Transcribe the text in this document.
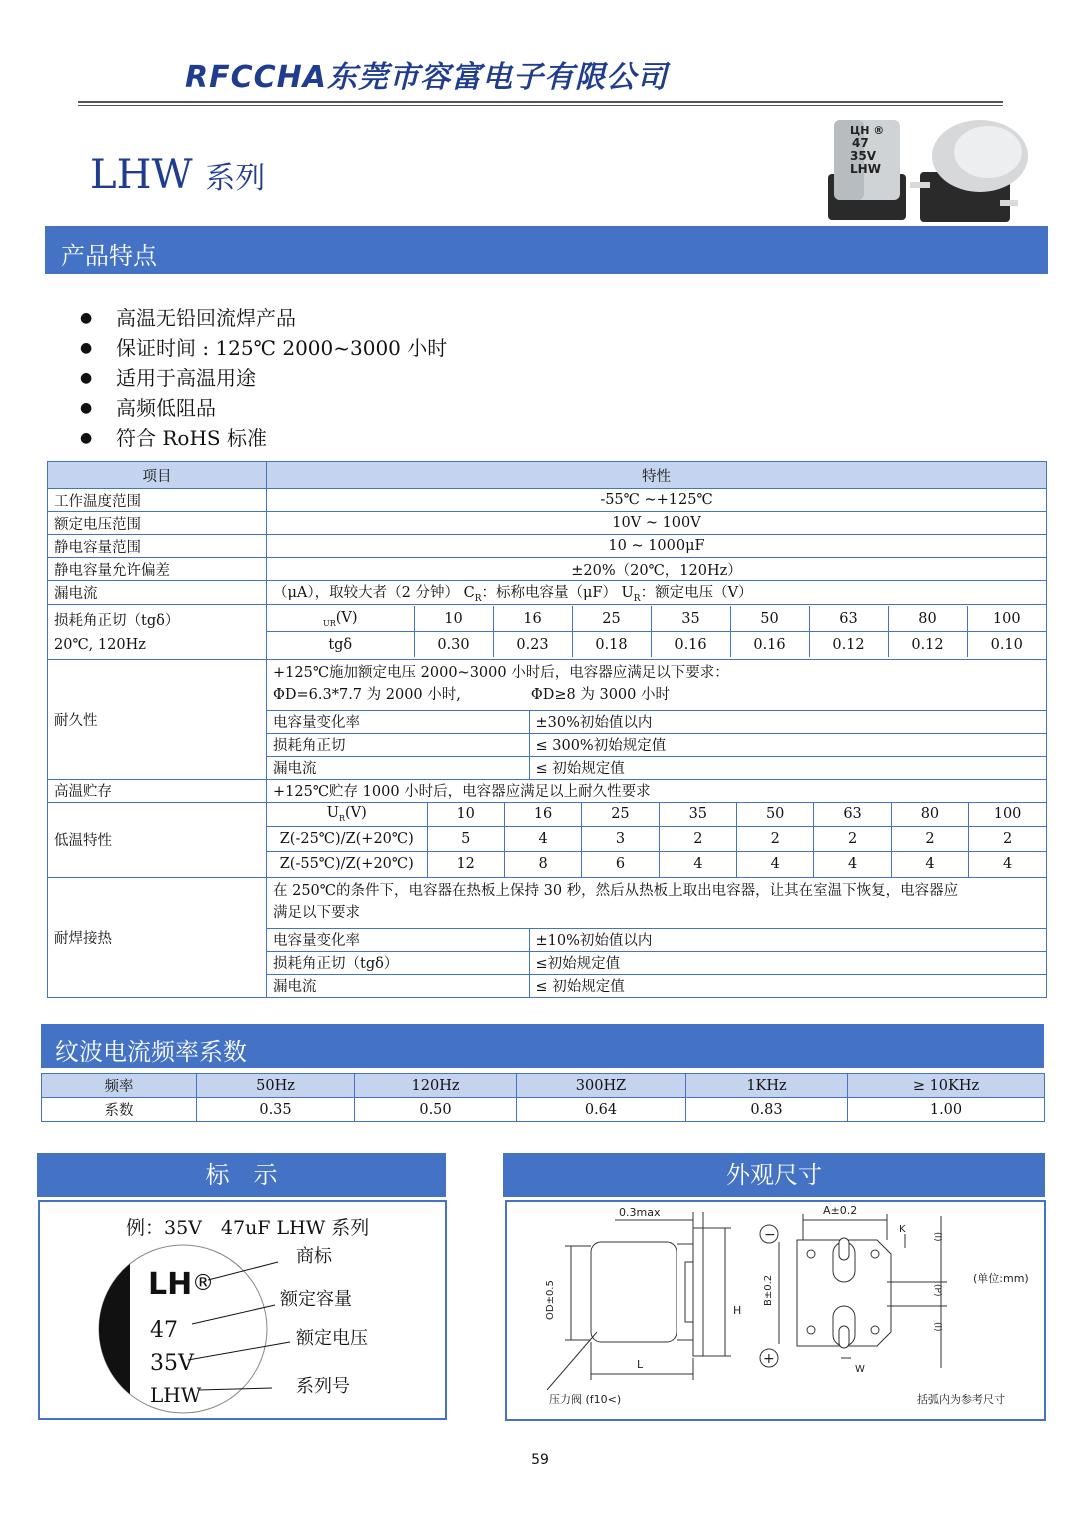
RFCCHA东莞市容富电子有限公司
LHW 系列
ЦH ®
47
35V
LHW
产品特点
● 高温无铅回流焊产品
● 保证时间 : 125℃ 2000~3000 小时
● 适用于高温用途
● 高频低阻品
● 符合 RoHS 标准
项目	特性
工作温度范围	-55℃ ~+125℃
额定电压范围	10V ~ 100V
静电容量范围	10 ~ 1000μF
静电容量允许偏差	±20%（20℃，120Hz）
漏电流	（μA），取较大者（2 分钟） $C_R$：标称电容量（μF） $U_R$：额定电压（V）

损耗角正切（tgδ）
20℃, 120Hz

$_{UR}$(V)	10	16	25	35	50	63	80	100
tgδ	0.30	0.23	0.18	0.16	0.16	0.12	0.12	0.10

耐久性	
+125℃施加额定电压 2000~3000 小时后，电容器应满足以下要求：
ΦD=6.3*7.7 为 2000 小时,	ΦD≥8 为 3000 小时
电容量变化率	±30%初始值以内
损耗角正切	≤ 300%初始规定值
漏电流	≤ 初始规定值

高温贮存	+125℃贮存 1000 小时后，电容器应满足以上耐久性要求
低温特性	
$U_R(V)$	10	16	25	35	50	63	80	100
Z(-25℃)/Z(+20℃)	5	4	3	2	2	2	2	2
Z(-55℃)/Z(+20℃)	12	8	6	4	4	4	4	4

耐焊接热	
在 250℃的条件下，电容器在热板上保持 30 秒，然后从热板上取出电容器，让其在室温下恢复，电容器应
满足以下要求
电容量变化率	±10%初始值以内
损耗角正切（tgδ）	≤初始规定值
漏电流	≤ 初始规定值
纹波电流频率系数
频率	50Hz	120Hz	300HZ	1KHz	≥ 10KHz
系数	0.35	0.50	0.64	0.83	1.00
标　示
例：35V　47uF LHW 系列
LH ®
47
35V
LHW
商标
额定容量
额定电压
系列号
外观尺寸
OD±0.5	H
L
0.3max
压力阀 (f10<)
A±0.2
B±0.2
K
W
(l)
(P)
(l)
−
+
(单位:mm)
括弧内为参考尺寸
59
